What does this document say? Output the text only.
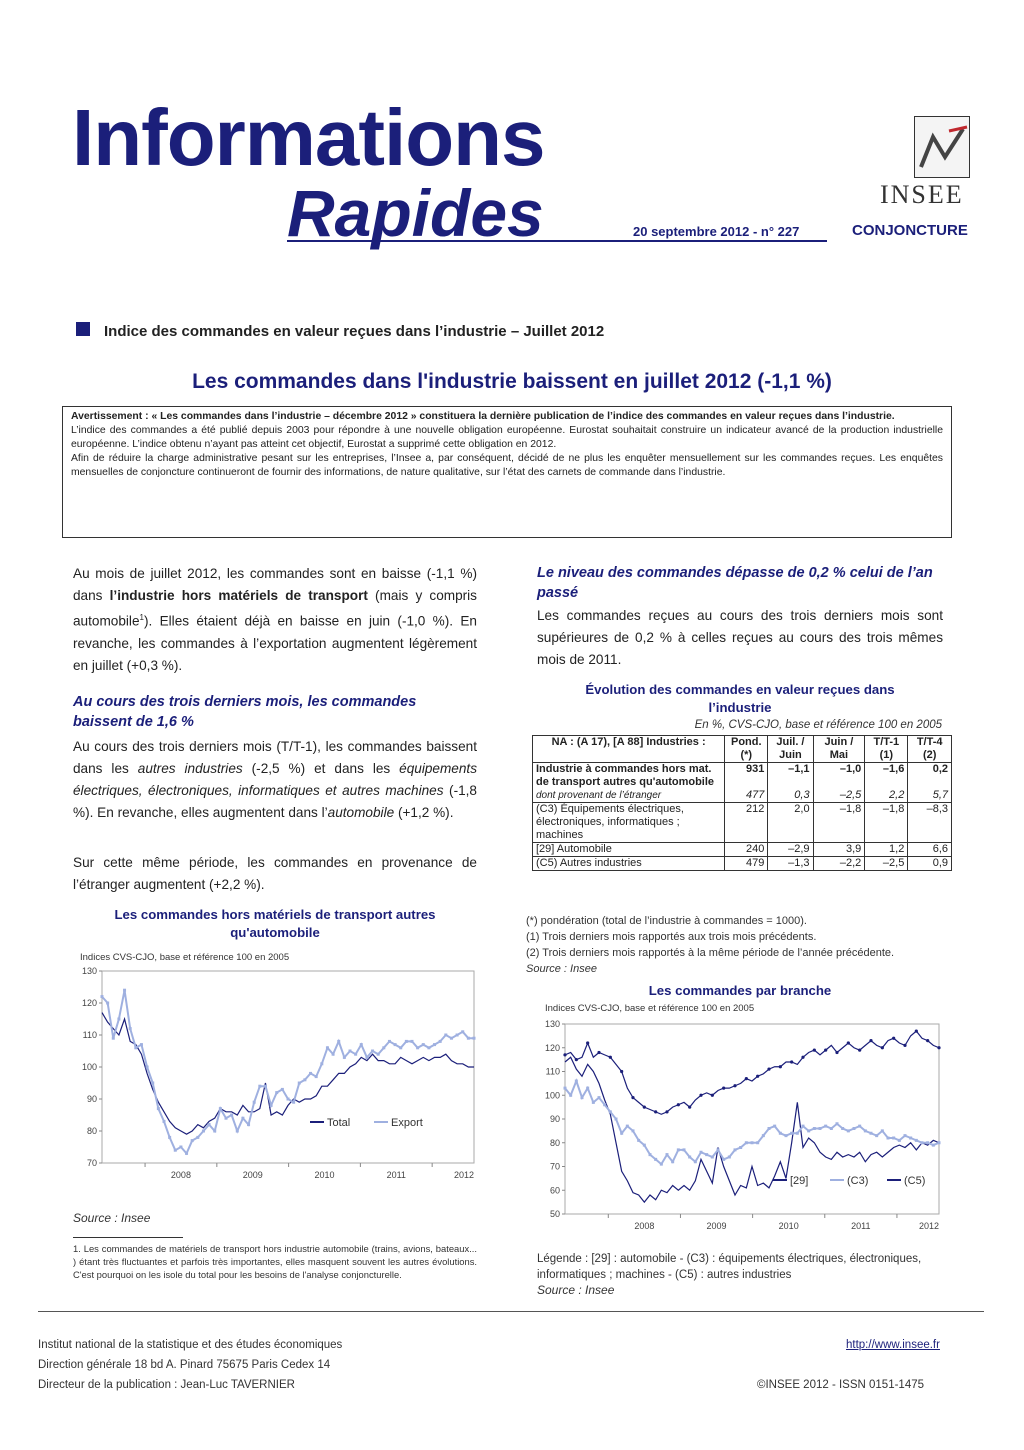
Informations
Rapides	20 septembre 2012 - n° 227
INSEE
CONJONCTURE
Indice des commandes en valeur reçues dans l’industrie – Juillet 2012
Les commandes dans l'industrie baissent en juillet 2012 (-1,1 %)

Avertissement : « Les commandes dans l’industrie – décembre 2012 » constituera la dernière publication de l’indice des commandes en valeur reçues dans l’industrie.

L’indice des commandes a été publié depuis 2003 pour répondre à une nouvelle obligation européenne. Eurostat souhaitait construire un indicateur avancé de la production industrielle européenne. L’indice obtenu n’ayant pas atteint cet objectif, Eurostat a supprimé cette obligation en 2012.

Afin de réduire la charge administrative pesant sur les entreprises, l’Insee a, par conséquent, décidé de ne plus les enquêter mensuellement sur les commandes reçues. Les enquêtes mensuelles de conjoncture continueront de fournir des informations, de nature qualitative, sur l’état des carnets de commande dans l’industrie.

Au mois de juillet 2012, les commandes sont en baisse (-1,1 %) dans l’industrie hors matériels de transport (mais y compris automobile$^1$). Elles étaient déjà en baisse en juin (-1,0 %). En revanche, les commandes à l’exportation augmentent légèrement en juillet (+0,3 %).
Au cours des trois derniers mois, les commandes baissent de 1,6 %
Au cours des trois derniers mois (T/T-1), les commandes baissent dans les autres industries (-2,5 %) et dans les équipements électriques, électroniques, informatiques et autres machines (-1,8 %). En revanche, elles augmentent dans l’automobile (+1,2 %).
Sur cette même période, les commandes en provenance de l’étranger augmentent (+2,2 %).
Les commandes hors matériels de transport autres qu'automobile
Indices CVS-CJO, base et référence 100 en 2005
70
80
90
100
110
120
130
2008	2009	2010	2011	2012
Total	Export
Source : Insee
1. Les commandes de matériels de transport hors industrie automobile (trains, avions, bateaux... ) étant très fluctuantes et parfois très importantes, elles masquent souvent les autres évolutions. C'est pourquoi on les isole du total pour les besoins de l'analyse conjoncturelle.
Le niveau des commandes dépasse de 0,2 % celui de l’an passé
Les commandes reçues au cours des trois derniers mois sont supérieures de 0,2 % à celles reçues au cours des trois mêmes mois de 2011.
Évolution des commandes en valeur reçues dans l’industrie
En %, CVS-CJO, base et référence 100 en 2005
NA : (A 17), [A 88] Industries :	Pond. (*)	Juil. / Juin	Juin / Mai	T/T-1 (1)	T/T-4 (2)
Industrie à commandes hors mat. de transport autres qu'automobile	931	–1,1	–1,0	–1,6	0,2
dont provenant de l’étranger	477	0,3	–2,5	2,2	5,7
(C3) Équipements électriques, électroniques, informatiques ; machines	212	2,0	–1,8	–1,8	–8,3
[29] Automobile	240	–2,9	3,9	1,2	6,6
(C5) Autres industries	479	–1,3	–2,2	–2,5	0,9
(*) pondération (total de l’industrie à commandes = 1000).
(1) Trois derniers mois rapportés aux trois mois précédents.
(2) Trois derniers mois rapportés à la même période de l’année précédente.
Source : Insee
Les commandes par branche
Indices CVS-CJO, base et référence 100 en 2005
50
60
70
80
90
100
110
120
130
2008	2009	2010	2011	2012
[29]	(C3)	(C5)
Légende : [29] : automobile - (C3) : équipements électriques, électroniques, informatiques ; machines - (C5) : autres industries
Source : Insee
Institut national de la statistique et des études économiques
Direction générale 18 bd A. Pinard 75675 Paris Cedex 14
Directeur de la publication : Jean-Luc TAVERNIER
http://www.insee.fr
©INSEE 2012 - ISSN 0151-1475
